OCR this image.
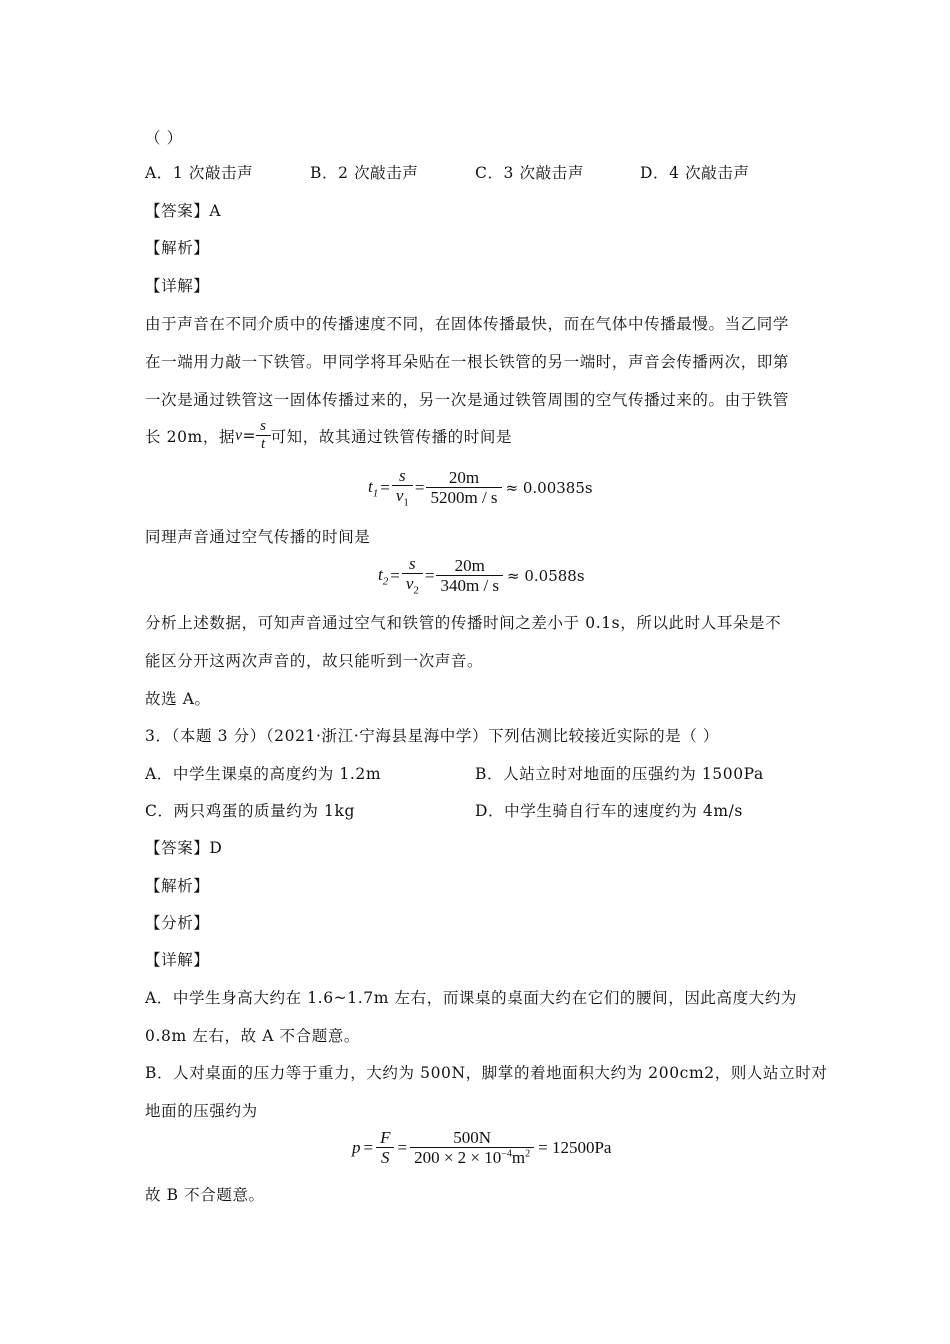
（ ）
A．1 次敲击声	B．2 次敲击声	C．3 次敲击声	D．4 次敲击声
【答案】A
【解析】
【详解】
由于声音在不同介质中的传播速度不同，在固体传播最快，而在气体中传播最慢。当乙同学
在一端用力敲一下铁管。甲同学将耳朵贴在一根长铁管的另一端时，声音会传播两次，即第
一次是通过铁管这一固体传播过来的，另一次是通过铁管周围的空气传播过来的。由于铁管
长 20m，据 $v = \frac{s}{t}$ 可知，故其通过铁管传播的时间是
$t_1 = \frac{s}{v_1} = \frac{20m}{5200m / s} \approx 0.00385s$
同理声音通过空气传播的时间是
$t_2 = \frac{s}{v_2} = \frac{20m}{340m / s} \approx 0.0588s$
分析上述数据，可知声音通过空气和铁管的传播时间之差小于 0.1s，所以此时人耳朵是不
能区分开这两次声音的，故只能听到一次声音。
故选 A。
3．（本题 3 分）（2021·浙江·宁海县星海中学）下列估测比较接近实际的是（ ）
A．中学生课桌的高度约为 1.2m	B．人站立时对地面的压强约为 1500Pa
C．两只鸡蛋的质量约为 1kg	D．中学生骑自行车的速度约为 4m/s
【答案】D
【解析】
【分析】
【详解】
A．中学生身高大约在 1.6~1.7m 左右，而课桌的桌面大约在它们的腰间，因此高度大约为
0.8m 左右，故 A 不合题意。
B．人对桌面的压力等于重力，大约为 500N，脚掌的着地面积大约为 200cm2，则人站立时对
地面的压强约为
$p = \frac{F}{S} = \frac{500N}{200 \times 2 \times 10^{-4}m^2} = 12500Pa$
故 B 不合题意。
